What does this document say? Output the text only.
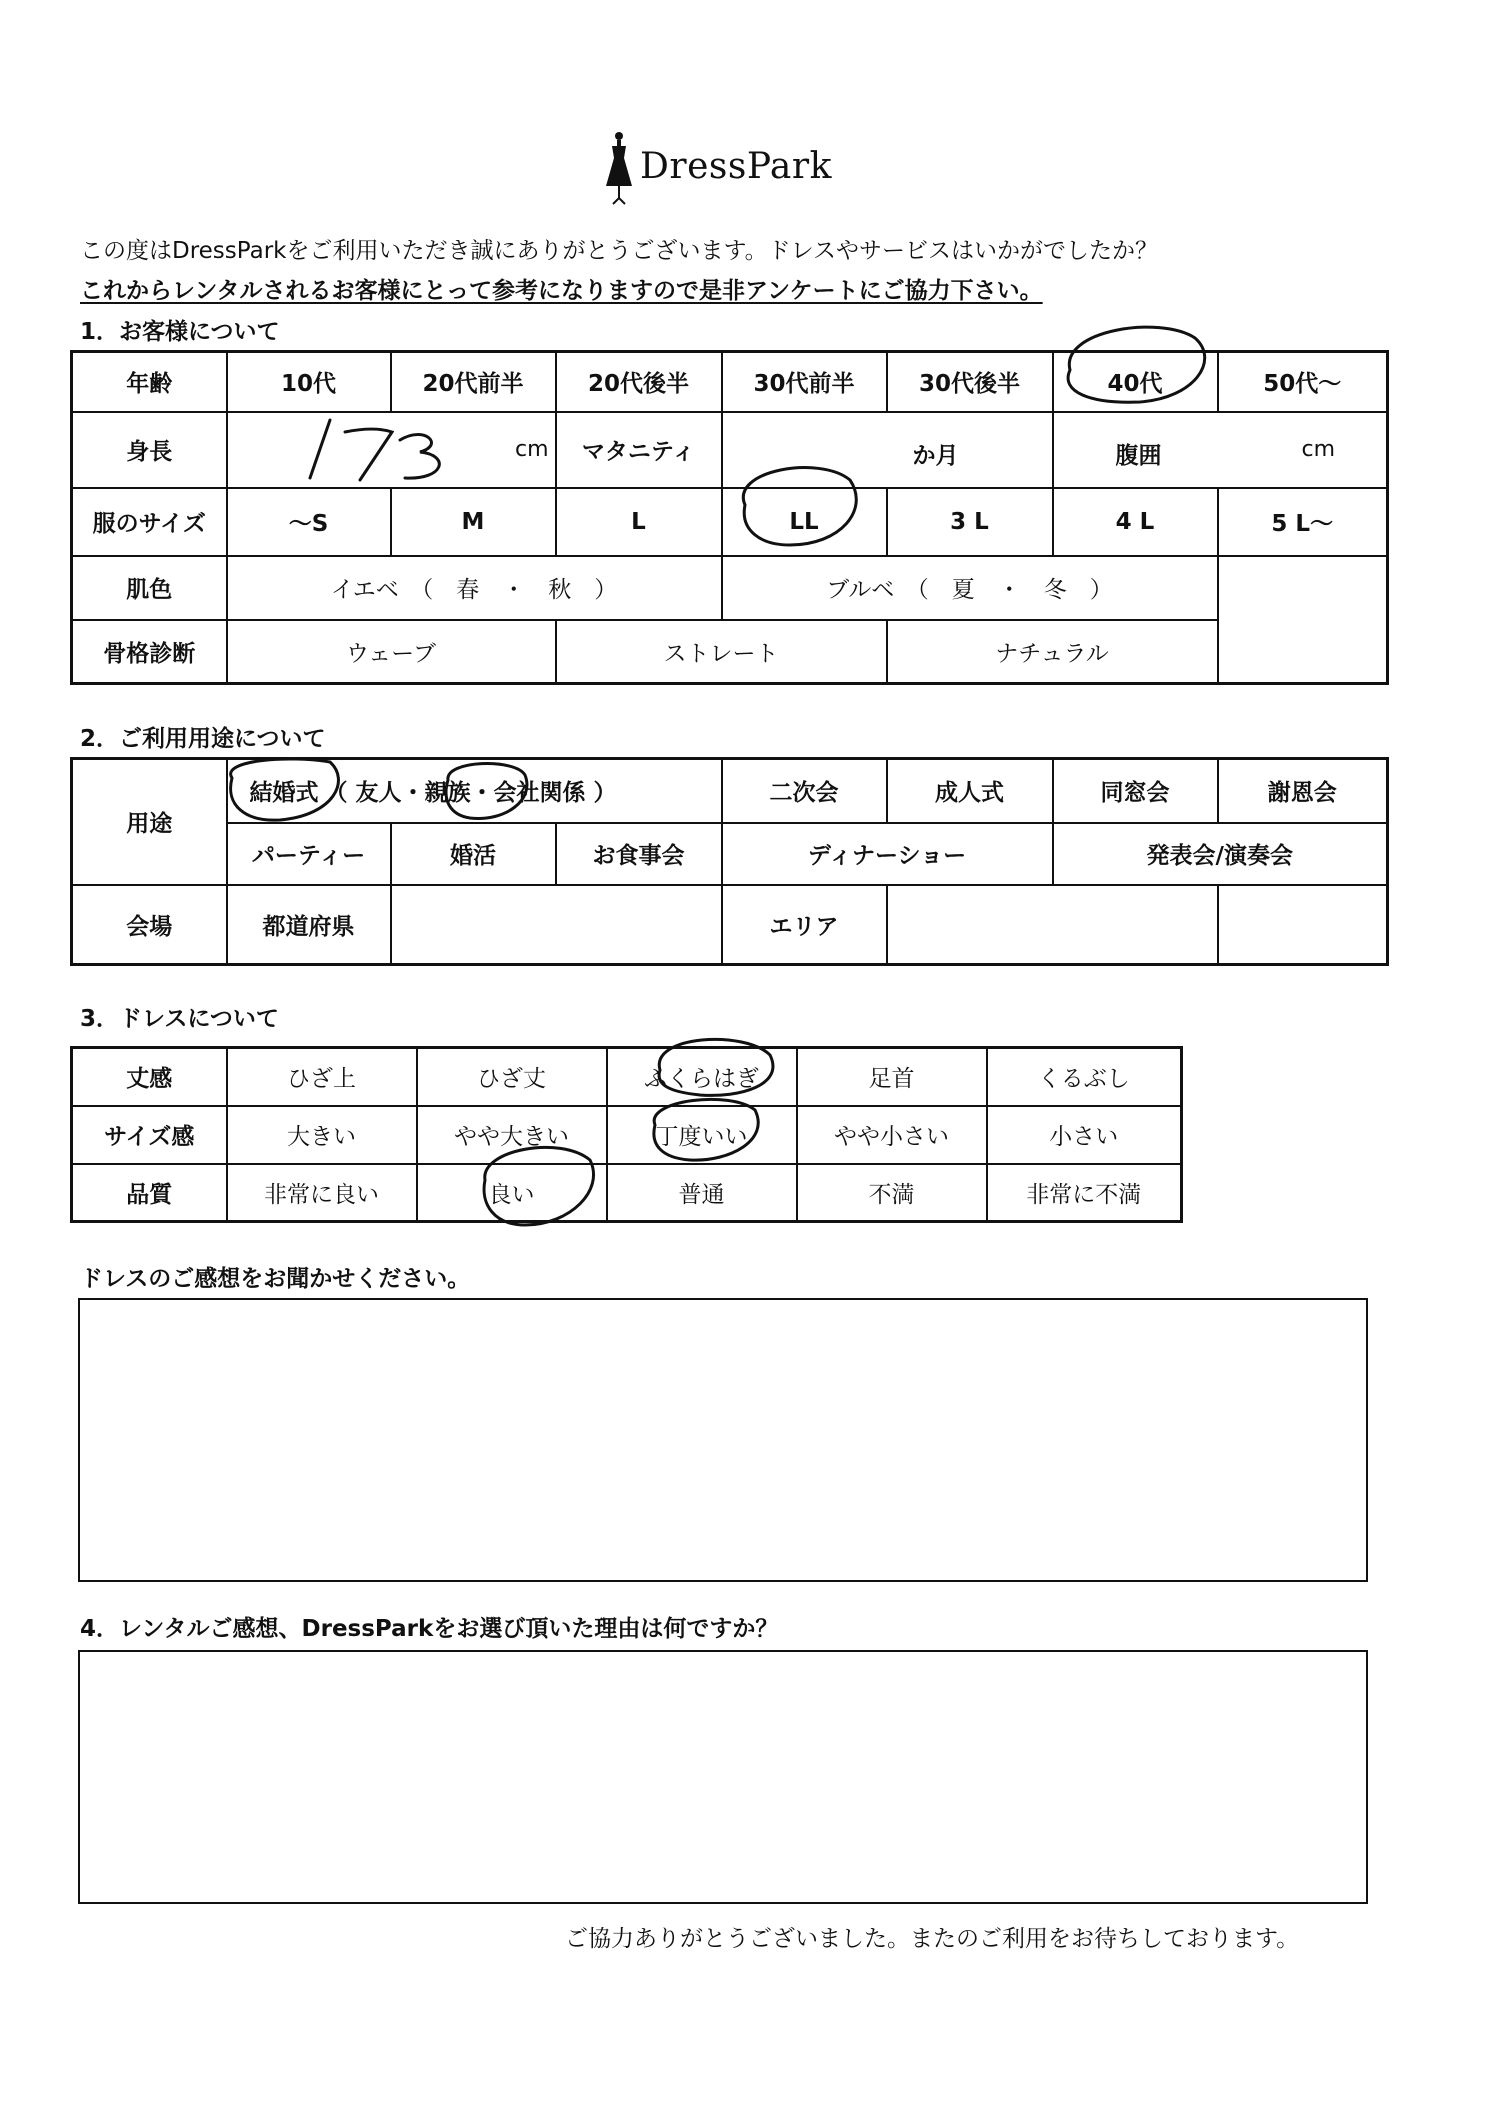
DressPark
この度はDressParkをご利用いただき誠にありがとうございます。ドレスやサービスはいかがでしたか？
これからレンタルされるお客様にとって参考になりますので是非アンケートにご協力下さい。
1．お客様について
年齢	10代	20代前半	20代後半	30代前半	30代後半	40代	50代～
身長	cm		マタニティ	か月		腹囲 cm	

服のサイズ	～S	M	L	LL	3 L	4 L	5 L～
肌色	イエベ　（　春　・　秋　）			ブルベ　（　夏　・　冬　）			
骨格診断	ウェーブ		ストレート		ナチュラル		
2．ご利用用途について
用途	結婚式 （ 友人・親族・会社関係 ）			二次会	成人式	同窓会	謝恩会
	パーティー	婚活	お食事会	ディナーショー		発表会/演奏会	
会場	都道府県			エリア			
3．ドレスについて
丈感	ひざ上	ひざ丈	ふくらはぎ	足首	くるぶし
サイズ感	大きい	やや大きい	丁度いい	やや小さい	小さい
品質	非常に良い	良い	普通	不満	非常に不満
ドレスのご感想をお聞かせください。
4．レンタルご感想、DressParkをお選び頂いた理由は何ですか？
ご協力ありがとうございました。またのご利用をお待ちしております。
